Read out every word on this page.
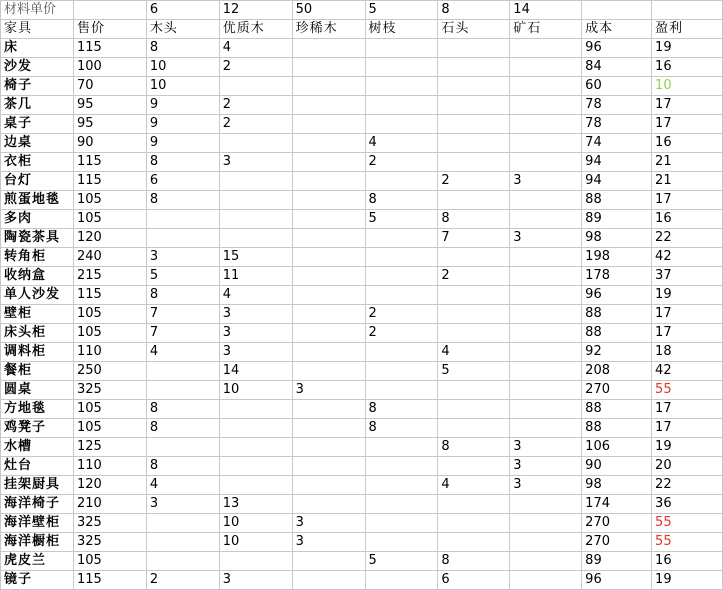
材料单价		6	12	50	5	8	14		
家具	售价	木头	优质木	珍稀木	树枝	石头	矿石	成本	盈利
床	115	8	4					96	19
沙发	100	10	2					84	16
椅子	70	10						60	10
茶几	95	9	2					78	17
桌子	95	9	2					78	17
边桌	90	9			4			74	16
衣柜	115	8	3		2			94	21
台灯	115	6				2	3	94	21
煎蛋地毯	105	8			8			88	17
多肉	105				5	8		89	16
陶瓷茶具	120					7	3	98	22
转角柜	240	3	15					198	42
收纳盒	215	5	11			2		178	37
单人沙发	115	8	4					96	19
壁柜	105	7	3		2			88	17
床头柜	105	7	3		2			88	17
调料柜	110	4	3			4		92	18
餐柜	250		14			5		208	42
圆桌	325		10	3				270	55
方地毯	105	8			8			88	17
鸡凳子	105	8			8			88	17
水槽	125					8	3	106	19
灶台	110	8					3	90	20
挂架厨具	120	4				4	3	98	22
海洋椅子	210	3	13					174	36
海洋壁柜	325		10	3				270	55
海洋橱柜	325		10	3				270	55
虎皮兰	105				5	8		89	16
镜子	115	2	3			6		96	19
